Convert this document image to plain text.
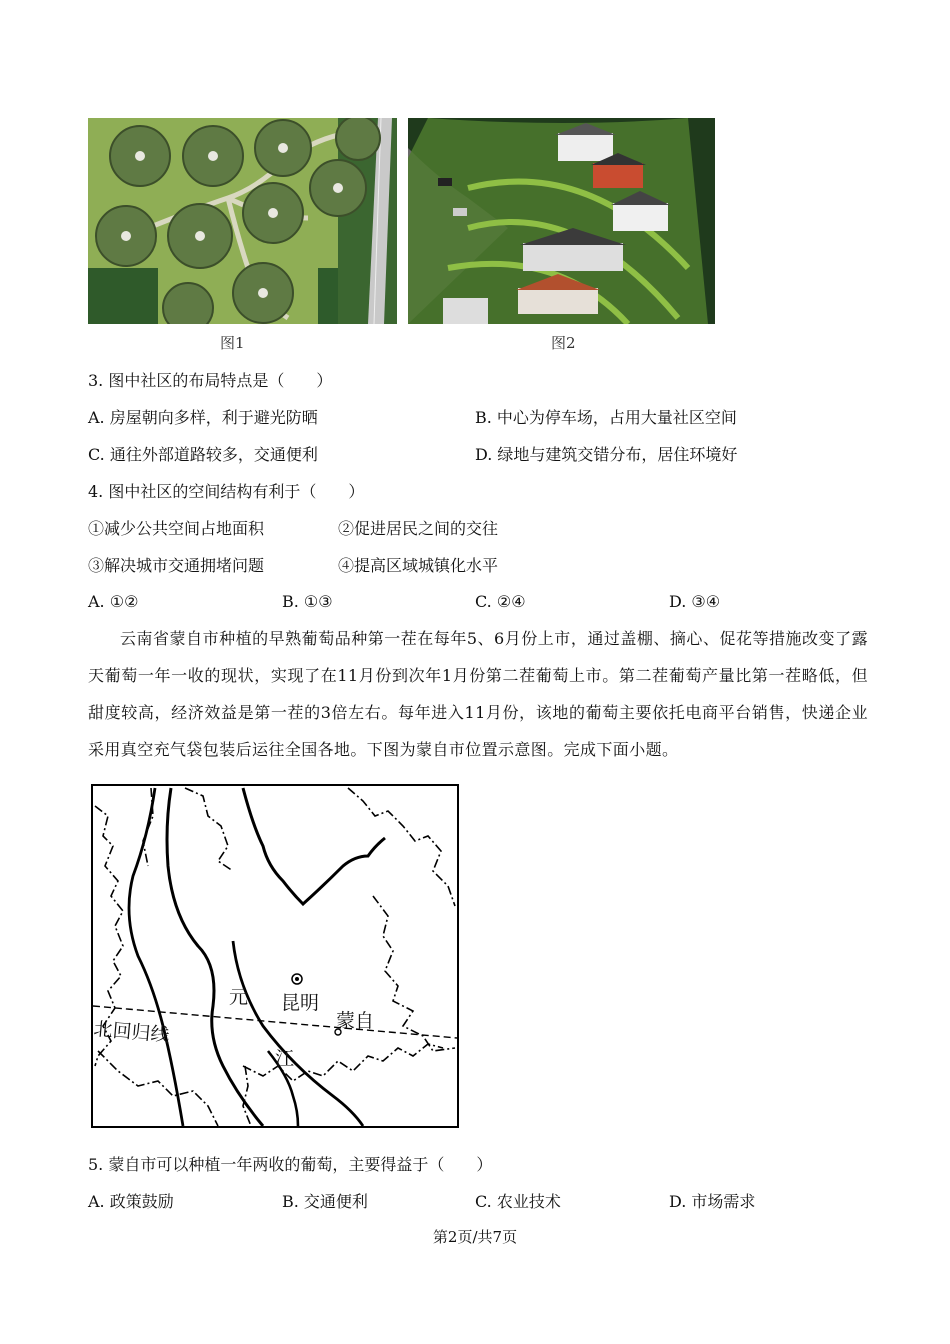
图1	图2
3. 图中社区的布局特点是（　　）
A. 房屋朝向多样，利于避光防晒	B. 中心为停车场，占用大量社区空间
C. 通往外部道路较多，交通便利	D. 绿地与建筑交错分布，居住环境好
4. 图中社区的空间结构有利于（　　）
①减少公共空间占地面积	②促进居民之间的交往
③解决城市交通拥堵问题	④提高区域城镇化水平
A. ①②	B. ①③	C. ②④	D. ③④

云南省蒙自市种植的早熟葡萄品种第一茬在每年5、6月份上市，通过盖棚、摘心、促花等措施改变了露天葡萄一年一收的现状，实现了在11月份到次年1月份第二茬葡萄上市。第二茬葡萄产量比第一茬略低，但甜度较高，经济效益是第一茬的3倍左右。每年进入11月份，该地的葡萄主要依托电商平台销售，快递企业采用真空充气袋包装后运往全国各地。下图为蒙自市位置示意图。完成下面小题。

昆明
蒙自
元
江
北回归线
5. 蒙自市可以种植一年两收的葡萄，主要得益于（　　）
A. 政策鼓励	B. 交通便利	C. 农业技术	D. 市场需求
第2页/共7页
